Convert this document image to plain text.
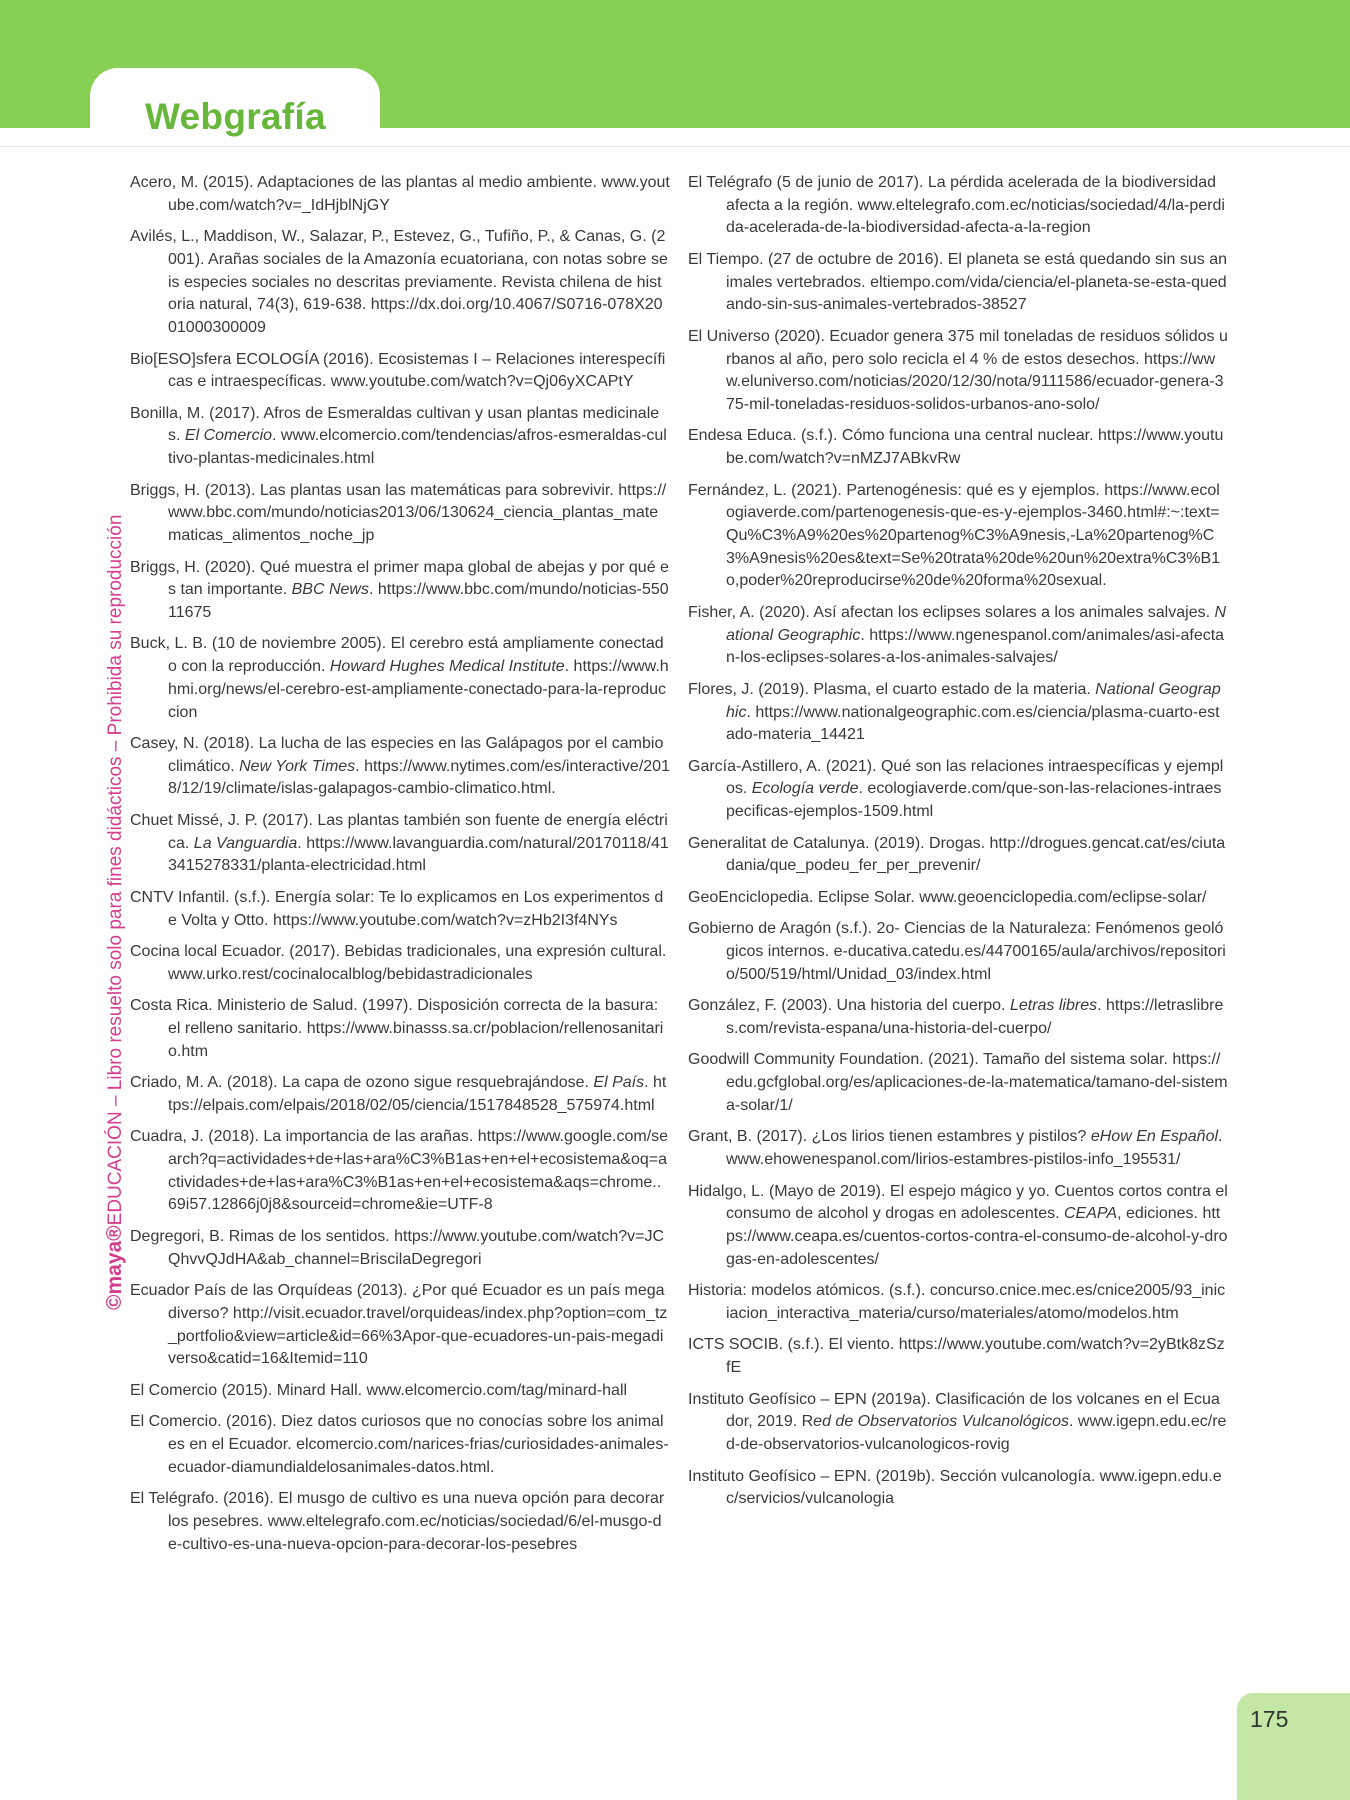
Webgrafía
©maya®EDUCACIÓN – Libro resuelto solo para fines didácticos – Prohibida su reproducción

Acero, M. (2015). Adaptaciones de las plantas al medio ambiente. www.youtube.com/watch?v=_IdHjblNjGY

Avilés, L., Maddison, W., Salazar, P., Estevez, G., Tufiño, P., & Canas, G. (2001). Arañas sociales de la Amazonía ecuatoriana, con notas sobre seis especies sociales no descritas previamente. Revista chilena de historia natural, 74(3), 619-638. https://dx.doi.org/10.4067/S0716-078X2001000300009

Bio[ESO]sfera ECOLOGÍA (2016). Ecosistemas I – Relaciones interespecíficas e intraespecíficas. www.youtube.com/watch?v=Qj06yXCAPtY

Bonilla, M. (2017). Afros de Esmeraldas cultivan y usan plantas medicinales. El Comercio. www.elcomercio.com/tendencias/afros-esmeraldas-cultivo-plantas-medicinales.html

Briggs, H. (2013). Las plantas usan las matemáticas para sobrevivir. https://www.bbc.com/mundo/noticias2013/06/130624_ciencia_plantas_matematicas_alimentos_noche_jp

Briggs, H. (2020). Qué muestra el primer mapa global de abejas y por qué es tan importante. BBC News. https://www.bbc.com/mundo/noticias-55011675

Buck, L. B. (10 de noviembre 2005). El cerebro está ampliamente conectado con la reproducción. Howard Hughes Medical Institute. https://www.hhmi.org/news/el-cerebro-est-ampliamente-conectado-para-la-reproduccion

Casey, N. (2018). La lucha de las especies en las Galápagos por el cambio climático. New York Times. https://www.nytimes.com/es/interactive/2018/12/19/climate/islas-galapagos-cambio-climatico.html.

Chuet Missé, J. P. (2017). Las plantas también son fuente de energía eléctrica. La Vanguardia. https://www.lavanguardia.com/natural/20170118/413415278331/planta-electricidad.html

CNTV Infantil. (s.f.). Energía solar: Te lo explicamos en Los experimentos de Volta y Otto. https://www.youtube.com/watch?v=zHb2I3f4NYs

Cocina local Ecuador. (2017). Bebidas tradicionales, una expresión cultural. www.urko.rest/cocinalocalblog/bebidastradicionales

Costa Rica. Ministerio de Salud. (1997). Disposición correcta de la basura: el relleno sanitario. https://www.binasss.sa.cr/poblacion/rellenosanitario.htm

Criado, M. A. (2018). La capa de ozono sigue resquebrajándose. El País. https://elpais.com/elpais/2018/02/05/ciencia/1517848528_575974.html

Cuadra, J. (2018). La importancia de las arañas. https://www.google.com/search?q=actividades+de+las+ara%C3%B1as+en+el+ecosistema&oq=actividades+de+las+ara%C3%B1as+en+el+ecosistema&aqs=chrome..69i57.12866j0j8&sourceid=chrome&ie=UTF-8

Degregori, B. Rimas de los sentidos. https://www.youtube.com/watch?v=JCQhvvQJdHA&ab_channel=BriscilaDegregori

Ecuador País de las Orquídeas (2013). ¿Por qué Ecuador es un país megadiverso? http://visit.ecuador.travel/orquideas/index.php?option=com_tz_portfolio&view=article&id=66%3Apor-que-ecuadores-un-pais-megadiverso&catid=16&Itemid=110

El Comercio (2015). Minard Hall. www.elcomercio.com/tag/minard-hall

El Comercio. (2016). Diez datos curiosos que no conocías sobre los animales en el Ecuador. elcomercio.com/narices-frias/curiosidades-animales-ecuador-diamundialdelosanimales-datos.html.

El Telégrafo. (2016). El musgo de cultivo es una nueva opción para decorar los pesebres. www.eltelegrafo.com.ec/noticias/sociedad/6/el-musgo-de-cultivo-es-una-nueva-opcion-para-decorar-los-pesebres

El Telégrafo (5 de junio de 2017). La pérdida acelerada de la biodiversidad afecta a la región. www.eltelegrafo.com.ec/noticias/sociedad/4/la-perdida-acelerada-de-la-biodiversidad-afecta-a-la-region

El Tiempo. (27 de octubre de 2016). El planeta se está quedando sin sus animales vertebrados. eltiempo.com/vida/ciencia/el-planeta-se-esta-quedando-sin-sus-animales-vertebrados-38527

El Universo (2020). Ecuador genera 375 mil toneladas de residuos sólidos urbanos al año, pero solo recicla el 4 % de estos desechos. https://www.eluniverso.com/noticias/2020/12/30/nota/9111586/ecuador-genera-375-mil-toneladas-residuos-solidos-urbanos-ano-solo/

Endesa Educa. (s.f.). Cómo funciona una central nuclear. https://www.youtube.com/watch?v=nMZJ7ABkvRw

Fernández, L. (2021). Partenogénesis: qué es y ejemplos. https://www.ecologiaverde.com/partenogenesis-que-es-y-ejemplos-3460.html#:~:text=Qu%C3%A9%20es%20partenog%C3%A9nesis,-La%20partenog%C3%A9nesis%20es&text=Se%20trata%20de%20un%20extra%C3%B1o,poder%20reproducirse%20de%20forma%20sexual.

Fisher, A. (2020). Así afectan los eclipses solares a los animales salvajes. National Geographic. https://www.ngenespanol.com/animales/asi-afectan-los-eclipses-solares-a-los-animales-salvajes/

Flores, J. (2019). Plasma, el cuarto estado de la materia. National Geographic. https://www.nationalgeographic.com.es/ciencia/plasma-cuarto-estado-materia_14421

García-Astillero, A. (2021). Qué son las relaciones intraespecíficas y ejemplos. Ecología verde. ecologiaverde.com/que-son-las-relaciones-intraespecificas-ejemplos-1509.html

Generalitat de Catalunya. (2019). Drogas. http://drogues.gencat.cat/es/ciutadania/que_podeu_fer_per_prevenir/

GeoEnciclopedia. Eclipse Solar. www.geoenciclopedia.com/eclipse-solar/

Gobierno de Aragón (s.f.). 2o- Ciencias de la Naturaleza: Fenómenos geológicos internos. e-ducativa.catedu.es/44700165/aula/archivos/repositorio/500/519/html/Unidad_03/index.html

González, F. (2003). Una historia del cuerpo. Letras libres. https://letraslibres.com/revista-espana/una-historia-del-cuerpo/

Goodwill Community Foundation. (2021). Tamaño del sistema solar. https://edu.gcfglobal.org/es/aplicaciones-de-la-matematica/tamano-del-sistema-solar/1/

Grant, B. (2017). ¿Los lirios tienen estambres y pistilos? eHow En Español. www.ehowenespanol.com/lirios-estambres-pistilos-info_195531/

Hidalgo, L. (Mayo de 2019). El espejo mágico y yo. Cuentos cortos contra el consumo de alcohol y drogas en adolescentes. CEAPA, ediciones. https://www.ceapa.es/cuentos-cortos-contra-el-consumo-de-alcohol-y-drogas-en-adolescentes/

Historia: modelos atómicos. (s.f.). concurso.cnice.mec.es/cnice2005/93_iniciacion_interactiva_materia/curso/materiales/atomo/modelos.htm

ICTS SOCIB. (s.f.). El viento. https://www.youtube.com/watch?v=2yBtk8zSzfE

Instituto Geofísico – EPN (2019a). Clasificación de los volcanes en el Ecuador, 2019. Red de Observatorios Vulcanológicos. www.igepn.edu.ec/red-de-observatorios-vulcanologicos-rovig

Instituto Geofísico – EPN. (2019b). Sección vulcanología. www.igepn.edu.ec/servicios/vulcanologia

175
